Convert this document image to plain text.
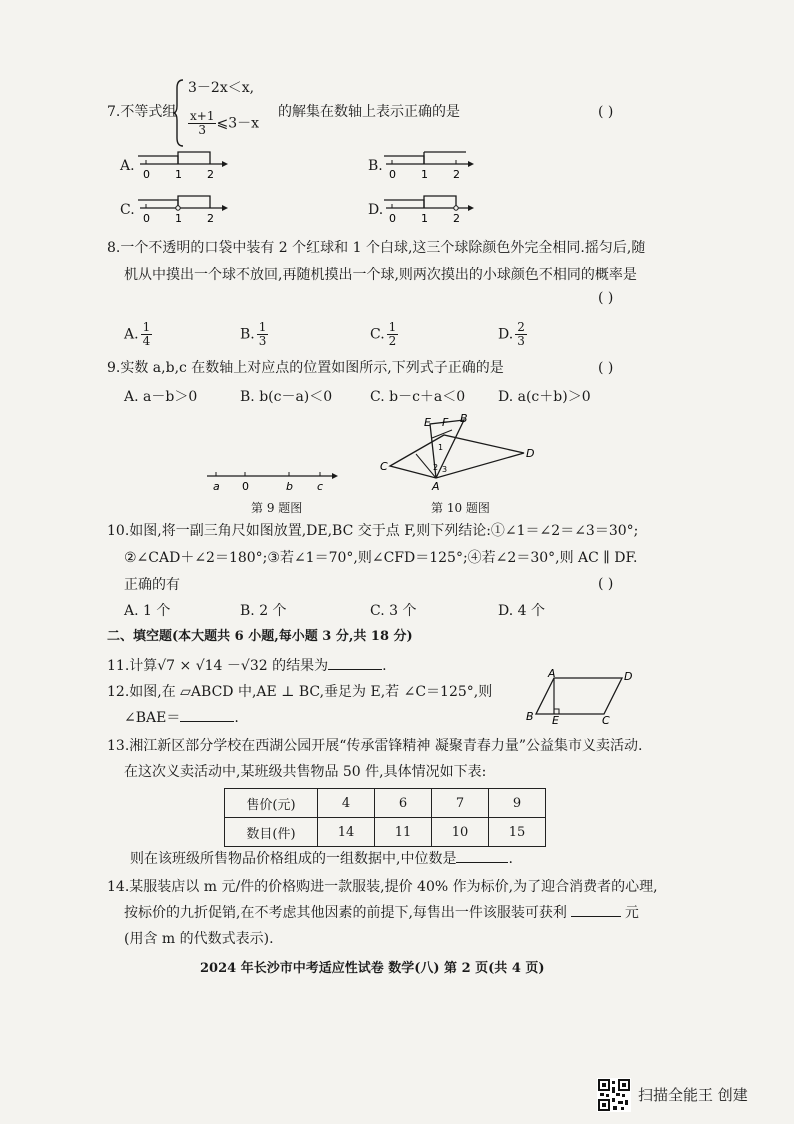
7.不等式组
3－2x＜x,
$\frac{x+1}{3}$ ⩽3－x
的解集在数轴上表示正确的是	( )
A.
0 1 2
B.
0 1 2
C.
0 1 2
D.
0 1 2
8.一个不透明的口袋中装有 2 个红球和 1 个白球,这三个球除颜色外完全相同.摇匀后,随
机从中摸出一个球不放回,再随机摸出一个球,则两次摸出的小球颜色不相同的概率是
( )
A. $\frac{1}{4}$	B. $\frac{1}{3}$	C. $\frac{1}{2}$	D. $\frac{2}{3}$
9.实数 a,b,c 在数轴上对应点的位置如图所示,下列式子正确的是	( )
A. a－b＞0	B. b(c－a)＜0	C. b－c＋a＜0 D. a(c＋b)＞0
a 0	b c
第 9 题图
C
E F B
D
A
1
2 3
第 10 题图
10.如图,将一副三角尺如图放置,DE,BC 交于点 F,则下列结论:①∠1＝∠2＝∠3＝30°;
②∠CAD＋∠2＝180°;③若∠1＝70°,则∠CFD＝125°;④若∠2＝30°,则 AC ∥ DF.
正确的有	( )
A. 1 个	B. 2 个	C. 3 个	D. 4 个
二、填空题(本大题共 6 小题,每小题 3 分,共 18 分)
11.计算√7 × √14 －√32 的结果为	.
12.如图,在 ▱ABCD 中,AE ⊥ BC,垂足为 E,若 ∠C＝125°,则
∠BAE＝	.
A	D
B E	C
13.湘江新区部分学校在西湖公园开展“传承雷锋精神 凝聚青春力量”公益集市义卖活动.
在这次义卖活动中,某班级共售物品 50 件,具体情况如下表:
售价(元)	4	6	7	9
数目(件)	14	11	10	15
则在该班级所售物品价格组成的一组数据中,中位数是	.
14.某服装店以 m 元/件的价格购进一款服装,提价 40% 作为标价,为了迎合消费者的心理,
按标价的九折促销,在不考虑其他因素的前提下,每售出一件该服装可获利	元
(用含 m 的代数式表示).
2024 年长沙市中考适应性试卷 数学(八) 第 2 页(共 4 页)
扫描全能王 创建
